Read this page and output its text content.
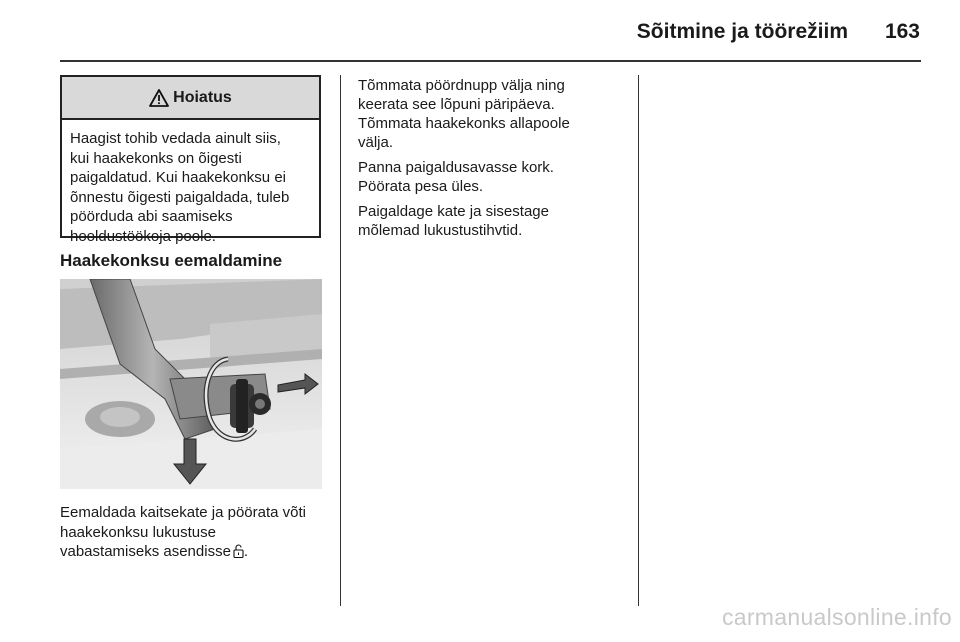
Sõitmine ja töörežiim	163
Hoiatus
Haagist tohib vedada ainult siis,
kui haakekonks on õigesti
paigaldatud. Kui haakekonksu ei
õnnestu õigesti paigaldada, tuleb
pöörduda abi saamiseks
hooldustöökoja poole.
Haakekonksu eemaldamine
Eemaldada kaitsekate ja pöörata võti
haakekonksu lukustuse
vabastamiseks asendisse .

Tõmmata pöördnupp välja ning
keerata see lõpuni päripäeva.
Tõmmata haakekonks allapoole
välja.

Panna paigaldusavasse kork.
Pöörata pesa üles.

Paigaldage kate ja sisestage
mõlemad lukustustihvtid.

carmanualsonline.info
